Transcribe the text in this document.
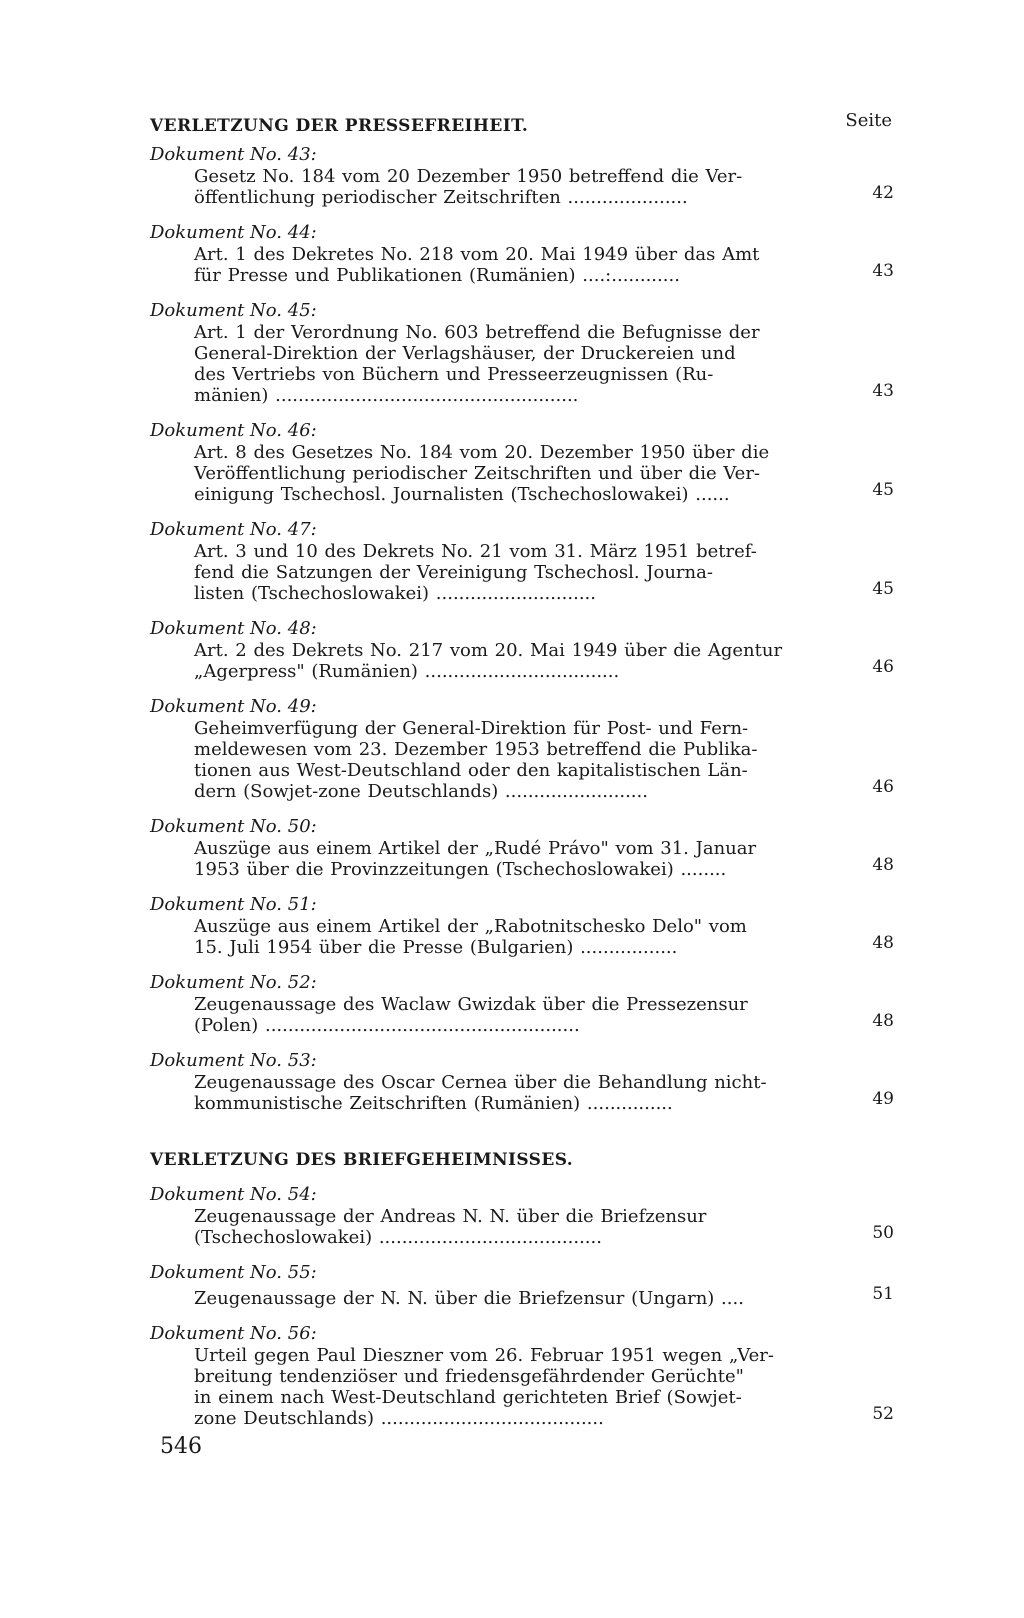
VERLETZUNG DER PRESSEFREIHEIT.	Seite
Dokument No. 43:
Gesetz No. 184 vom 20 Dezember 1950 betreffend die Ver-
öffentlichung periodischer Zeitschriften .....................	42
Dokument No. 44:
Art. 1 des Dekretes No. 218 vom 20. Mai 1949 über das Amt
für Presse und Publikationen (Rumänien) ....:............	43
Dokument No. 45:
Art. 1 der Verordnung No. 603 betreffend die Befugnisse der
General-Direktion der Verlagshäuser, der Druckereien und
des Vertriebs von Büchern und Presseerzeugnissen (Ru-
mänien) .....................................................	43
Dokument No. 46:
Art. 8 des Gesetzes No. 184 vom 20. Dezember 1950 über die
Veröffentlichung periodischer Zeitschriften und über die Ver-
einigung Tschechosl. Journalisten (Tschechoslowakei) ......	45
Dokument No. 47:
Art. 3 und 10 des Dekrets No. 21 vom 31. März 1951 betref-
fend die Satzungen der Vereinigung Tschechosl. Journa-
listen (Tschechoslowakei) ............................	45
Dokument No. 48:
Art. 2 des Dekrets No. 217 vom 20. Mai 1949 über die Agentur
„Agerpress" (Rumänien) ..................................	46
Dokument No. 49:
Geheimverfügung der General-Direktion für Post- und Fern-
meldewesen vom 23. Dezember 1953 betreffend die Publika-
tionen aus West-Deutschland oder den kapitalistischen Län-
dern (Sowjet-zone Deutschlands) .........................	46
Dokument No. 50:
Auszüge aus einem Artikel der „Rudé Právo" vom 31. Januar
1953 über die Provinzzeitungen (Tschechoslowakei) ........	48
Dokument No. 51:
Auszüge aus einem Artikel der „Rabotnitschesko Delo" vom
15. Juli 1954 über die Presse (Bulgarien) .................	48
Dokument No. 52:
Zeugenaussage des Waclaw Gwizdak über die Pressezensur
(Polen) .......................................................	48
Dokument No. 53:
Zeugenaussage des Oscar Cernea über die Behandlung nicht-
kommunistische Zeitschriften (Rumänien) ...............	49
VERLETZUNG DES BRIEFGEHEIMNISSES.
Dokument No. 54:
Zeugenaussage der Andreas N. N. über die Briefzensur
(Tschechoslowakei) .......................................	50
Dokument No. 55:
Zeugenaussage der N. N. über die Briefzensur (Ungarn) ....	51
Dokument No. 56:
Urteil gegen Paul Dieszner vom 26. Februar 1951 wegen „Ver-
breitung tendenziöser und friedensgefährdender Gerüchte"
in einem nach West-Deutschland gerichteten Brief (Sowjet-
zone Deutschlands) .......................................	52
546
